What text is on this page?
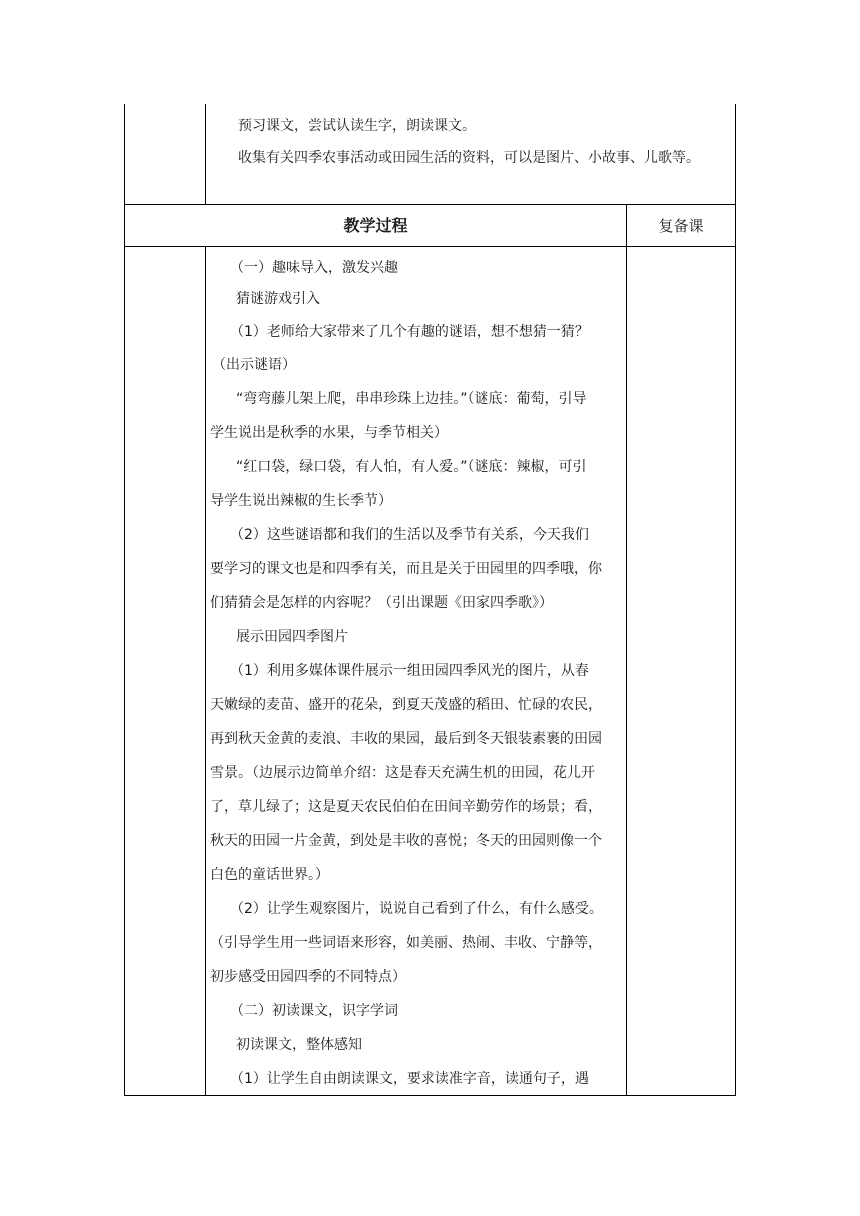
预习课文，尝试认读生字，朗读课文。
收集有关四季农事活动或田园生活的资料，可以是图片、小故事、儿歌等。
教学过程	复备课
（一）趣味导入，激发兴趣
猜谜游戏引入
（1）老师给大家带来了几个有趣的谜语，想不想猜一猜？
（出示谜语）
“弯弯藤儿架上爬，串串珍珠上边挂。”（谜底：葡萄，引导
学生说出是秋季的水果，与季节相关）
“红口袋，绿口袋，有人怕，有人爱。”（谜底：辣椒，可引
导学生说出辣椒的生长季节）
（2）这些谜语都和我们的生活以及季节有关系，今天我们
要学习的课文也是和四季有关，而且是关于田园里的四季哦，你
们猜猜会是怎样的内容呢？（引出课题《田家四季歌》）
展示田园四季图片
（1）利用多媒体课件展示一组田园四季风光的图片，从春
天嫩绿的麦苗、盛开的花朵，到夏天茂盛的稻田、忙碌的农民，
再到秋天金黄的麦浪、丰收的果园，最后到冬天银装素裹的田园
雪景。（边展示边简单介绍：这是春天充满生机的田园，花儿开
了，草儿绿了；这是夏天农民伯伯在田间辛勤劳作的场景；看，
秋天的田园一片金黄，到处是丰收的喜悦；冬天的田园则像一个
白色的童话世界。）
（2）让学生观察图片，说说自己看到了什么，有什么感受。
（引导学生用一些词语来形容，如美丽、热闹、丰收、宁静等，
初步感受田园四季的不同特点）
（二）初读课文，识字学词
初读课文，整体感知
（1）让学生自由朗读课文，要求读准字音，读通句子，遇
